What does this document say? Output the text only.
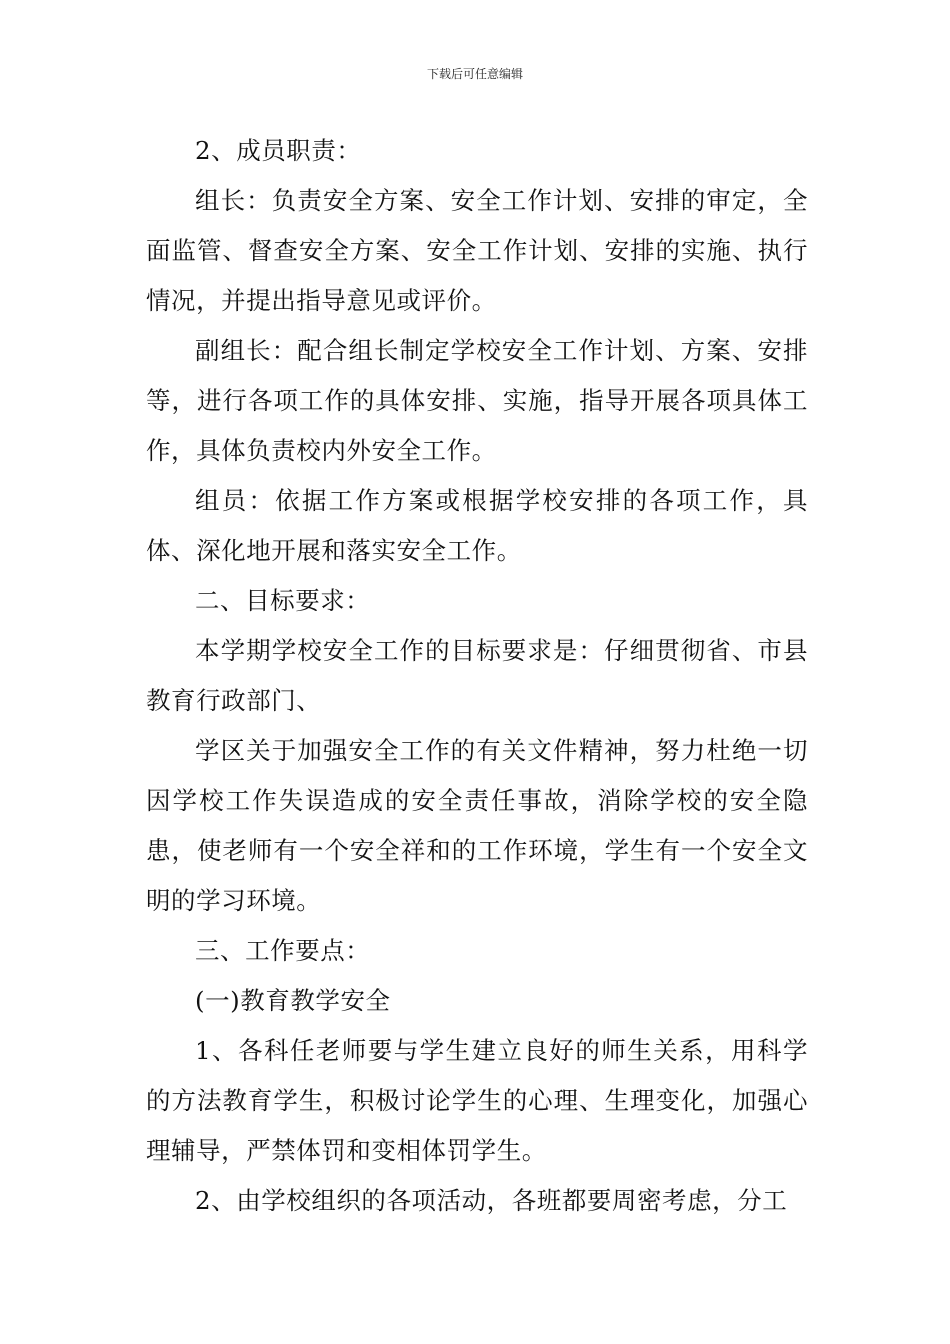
下载后可任意编辑

2、成员职责：

组长：负责安全方案、安全工作计划、安排的审定，全面监管、督查安全方案、安全工作计划、安排的实施、执行情况，并提出指导意见或评价。

副组长：配合组长制定学校安全工作计划、方案、安排等，进行各项工作的具体安排、实施，指导开展各项具体工作，具体负责校内外安全工作。

组员：依据工作方案或根据学校安排的各项工作，具体、深化地开展和落实安全工作。

二、目标要求：

本学期学校安全工作的目标要求是：仔细贯彻省、市县教育行政部门、

学区关于加强安全工作的有关文件精神，努力杜绝一切因学校工作失误造成的安全责任事故，消除学校的安全隐患，使老师有一个安全祥和的工作环境，学生有一个安全文明的学习环境。

三、工作要点：

(一)教育教学安全

1、各科任老师要与学生建立良好的师生关系，用科学的方法教育学生，积极讨论学生的心理、生理变化，加强心理辅导，严禁体罚和变相体罚学生。

2、由学校组织的各项活动，各班都要周密考虑，分工
